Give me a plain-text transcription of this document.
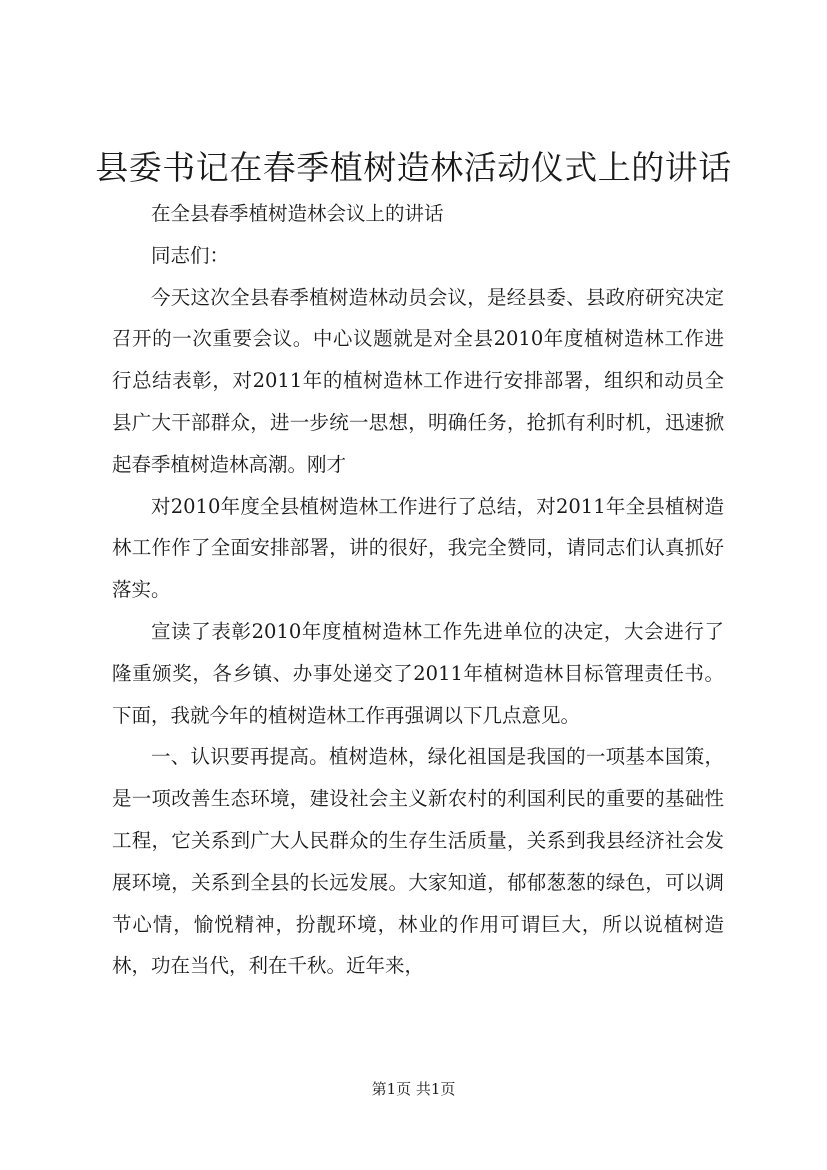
县委书记在春季植树造林活动仪式上的讲话

在全县春季植树造林会议上的讲话

同志们：

今天这次全县春季植树造林动员会议，是经县委、县政府研究决定召开的一次重要会议。中心议题就是对全县2010年度植树造林工作进行总结表彰，对2011年的植树造林工作进行安排部署，组织和动员全县广大干部群众，进一步统一思想，明确任务，抢抓有利时机，迅速掀起春季植树造林高潮。刚才

对2010年度全县植树造林工作进行了总结，对2011年全县植树造林工作作了全面安排部署，讲的很好，我完全赞同，请同志们认真抓好落实。

宣读了表彰2010年度植树造林工作先进单位的决定，大会进行了隆重颁奖，各乡镇、办事处递交了2011年植树造林目标管理责任书。下面，我就今年的植树造林工作再强调以下几点意见。

一、认识要再提高。植树造林，绿化祖国是我国的一项基本国策，是一项改善生态环境，建设社会主义新农村的利国利民的重要的基础性工程，它关系到广大人民群众的生存生活质量，关系到我县经济社会发展环境，关系到全县的长远发展。大家知道，郁郁葱葱的绿色，可以调节心情，愉悦精神，扮靓环境，林业的作用可谓巨大，所以说植树造林，功在当代，利在千秋。近年来，

第1页 共1页
